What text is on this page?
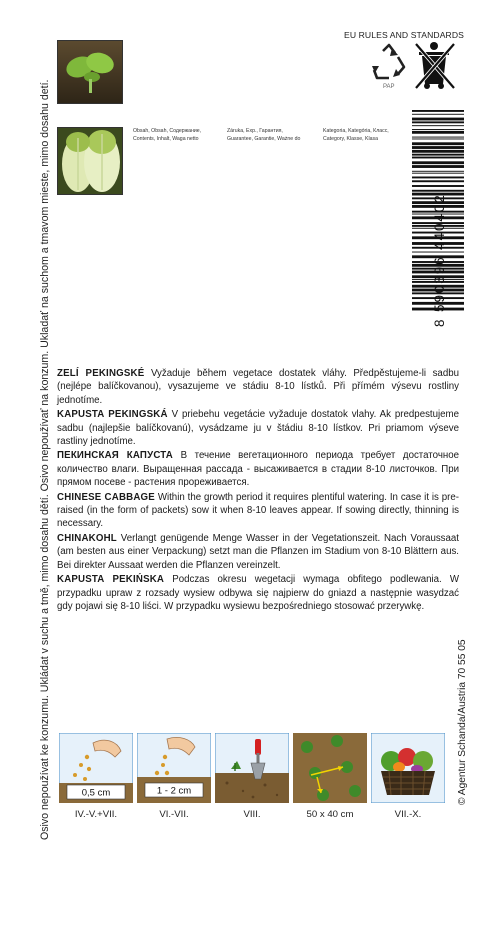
Osivo nepoužívat ke konzumu. Ukládat v suchu a tmě, mimo dosahu dětí. Osivo nepoužívať na konzum. Ukladať na suchom a tmavom mieste, mimo dosahu detí.	© Agentur Schanda/Austria 70 55 05
EU RULES AND STANDARDS
PAP
Obsah, Obsah, Содержание,
Contents, Inhalt, Waga netto
Záruka, Exp., Гарантия,
Guarantee, Garantie, Ważne do
Kategoria, Kategória, Класс,
Category, Klasse, Klasa
8 590396 440402

ZELÍ PEKINGSKÉ Vyžaduje během vegetace dostatek vláhy. Předpěstujeme-li sadbu (nejlépe balíčkovanou), vysazujeme ve stádiu 8-10 lístků. Při přímém výsevu rostliny jednotíme.

KAPUSTA PEKINGSKÁ V priebehu vegetácie vyžaduje dostatok vlahy. Ak predpestujeme sadbu (najlepšie balíčkovanú), vysádzame ju v štádiu 8-10 lístkov. Pri priamom výseve rastliny jednotíme.

ПЕКИНСКАЯ КАПУСТА В течение вегетационного периода требует достаточное количество влаги. Выращенная рассада - высаживается в стадии 8-10 листочков. При прямом посеве - растения прореживается.

CHINESE CABBAGE Within the growth period it requires plentiful watering. In case it is pre-raised (in the form of packets) sow it when 8-10 leaves appear. If sowing directly, thinning is necessary.

CHINAKOHL Verlangt genügende Menge Wasser in der Vegetationszeit. Nach Voraussaat (am besten aus einer Verpackung) setzt man die Pflanzen im Stadium von 8-10 Blättern aus. Bei direkter Aussaat werden die Pflanzen vereinzelt.

KAPUSTA PEKIŃSKA Podczas okresu wegetacji wymaga obfitego podlewania. W przypadku upraw z rozsady wysiew odbywa się najpierw do gniazd a następnie wasydzać gdy pojawi się 8-10 liści. W przypadku wysiewu bezpośredniego stosować przerywkę.

0,5 cm	1 - 2 cm
IV.-V.+VII.	VI.-VII.	VIII.	50 x 40 cm	VII.-X.
